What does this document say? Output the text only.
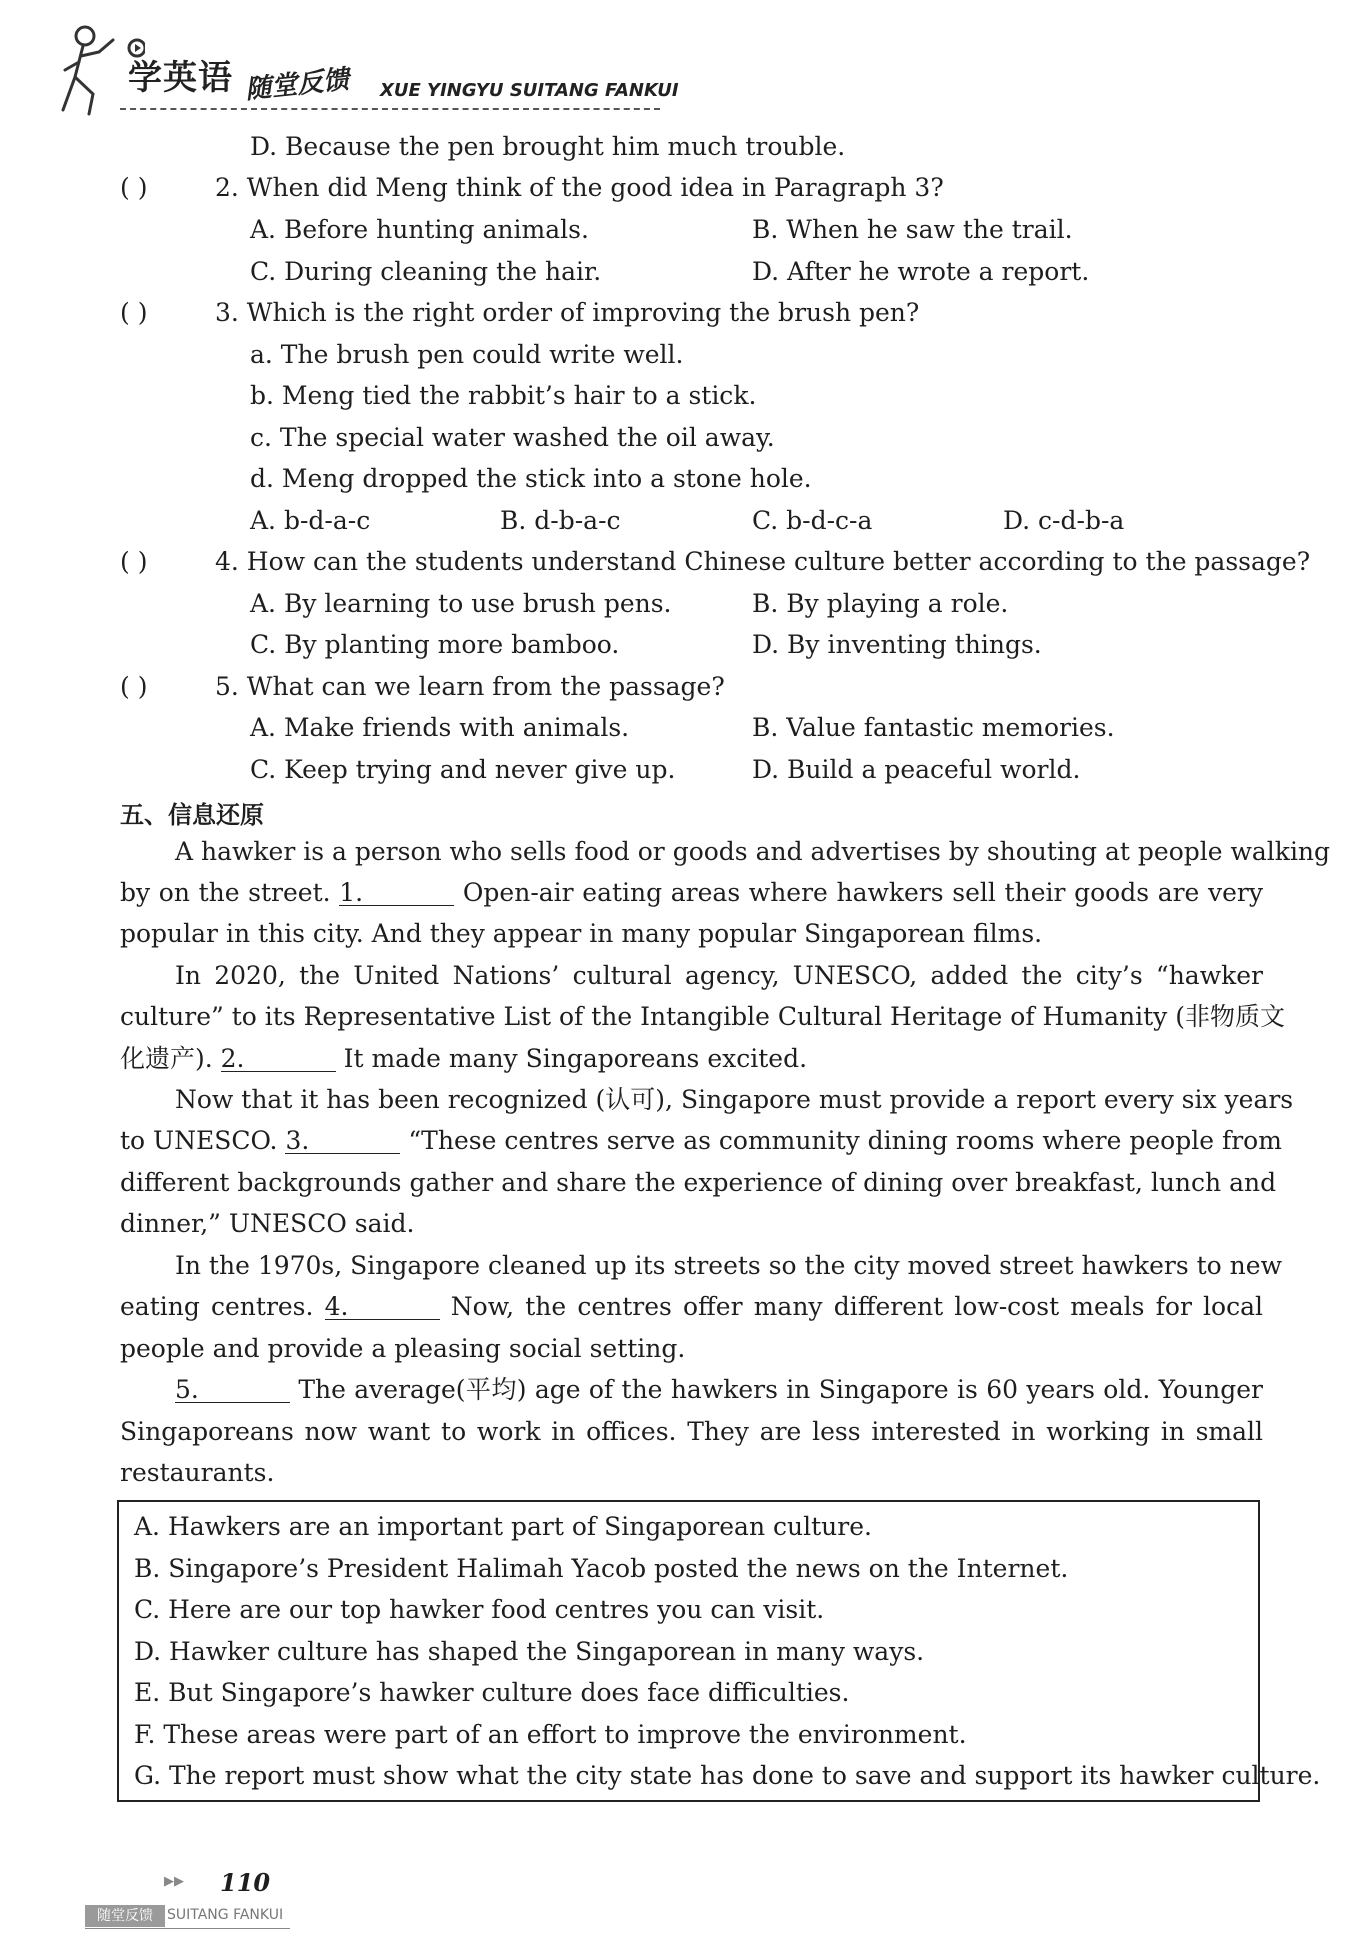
学英语 随堂反馈 XUE YINGYU SUITANG FANKUI
D. Because the pen brought him much trouble.
( )	2. When did Meng think of the good idea in Paragraph 3?
A. Before hunting animals.	B. When he saw the trail.
C. During cleaning the hair.	D. After he wrote a report.
( )	3. Which is the right order of improving the brush pen?
a. The brush pen could write well.
b. Meng tied the rabbit’s hair to a stick.
c. The special water washed the oil away.
d. Meng dropped the stick into a stone hole.
A. b-d-a-c	B. d-b-a-c	C. b-d-c-a	D. c-d-b-a
( )	4. How can the students understand Chinese culture better according to the passage?
A. By learning to use brush pens.	B. By playing a role.
C. By planting more bamboo.	D. By inventing things.
( )	5. What can we learn from the passage?
A. Make friends with animals.	B. Value fantastic memories.
C. Keep trying and never give up.	D. Build a peaceful world.
五、信息还原
A hawker is a person who sells food or goods and advertises by shouting at people walking
by on the street. 1.	Open-air eating areas where hawkers sell their goods are very
popular in this city. And they appear in many popular Singaporean films.
In 2020, the United Nations’ cultural agency, UNESCO, added the city’s “hawker
culture” to its Representative List of the Intangible Cultural Heritage of Humanity (非物质文
化遗产). 2.	It made many Singaporeans excited.
Now that it has been recognized (认可), Singapore must provide a report every six years
to UNESCO. 3.	“These centres serve as community dining rooms where people from
different backgrounds gather and share the experience of dining over breakfast, lunch and
dinner,” UNESCO said.
In the 1970s, Singapore cleaned up its streets so the city moved street hawkers to new
eating centres. 4.	Now, the centres offer many different low-cost meals for local
people and provide a pleasing social setting.
5.	The average(平均) age of the hawkers in Singapore is 60 years old. Younger
Singaporeans now want to work in offices. They are less interested in working in small
restaurants.
A. Hawkers are an important part of Singaporean culture.
B. Singapore’s President Halimah Yacob posted the news on the Internet.
C. Here are our top hawker food centres you can visit.
D. Hawker culture has shaped the Singaporean in many ways.
E. But Singapore’s hawker culture does face difficulties.
F. These areas were part of an effort to improve the environment.
G. The report must show what the city state has done to save and support its hawker culture.
▶▶ 110
随堂反馈	SUITANG FANKUI
